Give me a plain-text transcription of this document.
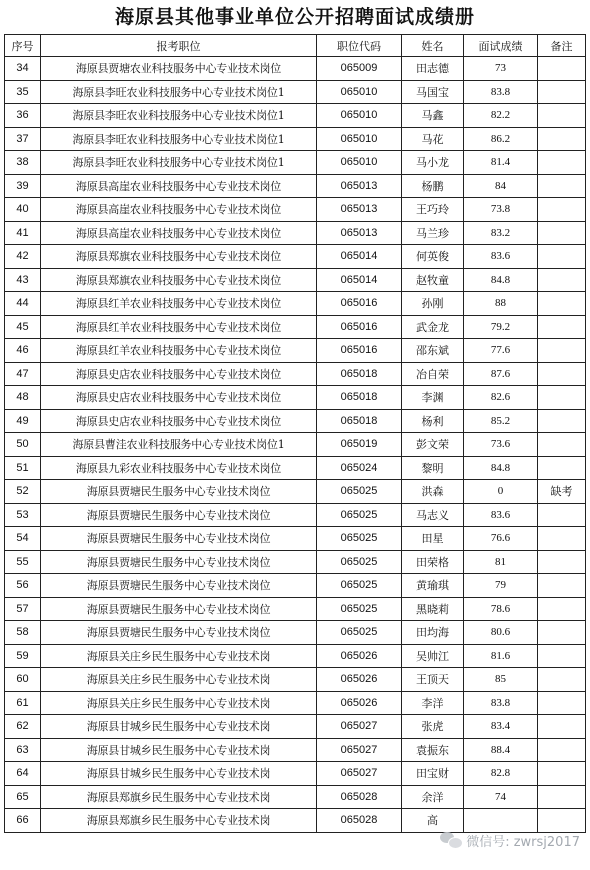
海原县其他事业单位公开招聘面试成绩册
序号	报考职位	职位代码	姓名	面试成绩	备注
34	海原县贾塘农业科技服务中心专业技术岗位	065009	田志德	73	
35	海原县李旺农业科技服务中心专业技术岗位1	065010	马国宝	83.8	
36	海原县李旺农业科技服务中心专业技术岗位1	065010	马鑫	82.2	
37	海原县李旺农业科技服务中心专业技术岗位1	065010	马花	86.2	
38	海原县李旺农业科技服务中心专业技术岗位1	065010	马小龙	81.4	
39	海原县高崖农业科技服务中心专业技术岗位	065013	杨鹏	84	
40	海原县高崖农业科技服务中心专业技术岗位	065013	王巧玲	73.8	
41	海原县高崖农业科技服务中心专业技术岗位	065013	马兰珍	83.2	
42	海原县郑旗农业科技服务中心专业技术岗位	065014	何英俊	83.6	
43	海原县郑旗农业科技服务中心专业技术岗位	065014	赵牧童	84.8	
44	海原县红羊农业科技服务中心专业技术岗位	065016	孙刚	88	
45	海原县红羊农业科技服务中心专业技术岗位	065016	武金龙	79.2	
46	海原县红羊农业科技服务中心专业技术岗位	065016	邵东斌	77.6	
47	海原县史店农业科技服务中心专业技术岗位	065018	冶自荣	87.6	
48	海原县史店农业科技服务中心专业技术岗位	065018	李渊	82.6	
49	海原县史店农业科技服务中心专业技术岗位	065018	杨利	85.2	
50	海原县曹洼农业科技服务中心专业技术岗位1	065019	彭文荣	73.6	
51	海原县九彩农业科技服务中心专业技术岗位	065024	黎明	84.8	
52	海原县贾塘民生服务中心专业技术岗位	065025	洪森	0	缺考
53	海原县贾塘民生服务中心专业技术岗位	065025	马志义	83.6	
54	海原县贾塘民生服务中心专业技术岗位	065025	田星	76.6	
55	海原县贾塘民生服务中心专业技术岗位	065025	田荣格	81	
56	海原县贾塘民生服务中心专业技术岗位	065025	黄瑜琪	79	
57	海原县贾塘民生服务中心专业技术岗位	065025	黑晓莉	78.6	
58	海原县贾塘民生服务中心专业技术岗位	065025	田均海	80.6	
59	海原县关庄乡民生服务中心专业技术岗	065026	吴帅江	81.6	
60	海原县关庄乡民生服务中心专业技术岗	065026	王顶天	85	
61	海原县关庄乡民生服务中心专业技术岗	065026	李洋	83.8	
62	海原县甘城乡民生服务中心专业技术岗	065027	张虎	83.4	
63	海原县甘城乡民生服务中心专业技术岗	065027	袁振东	88.4	
64	海原县甘城乡民生服务中心专业技术岗	065027	田宝财	82.8	
65	海原县郑旗乡民生服务中心专业技术岗	065028	余洋	74	
66	海原县郑旗乡民生服务中心专业技术岗	065028	高		
微信号: zwrsj2017
